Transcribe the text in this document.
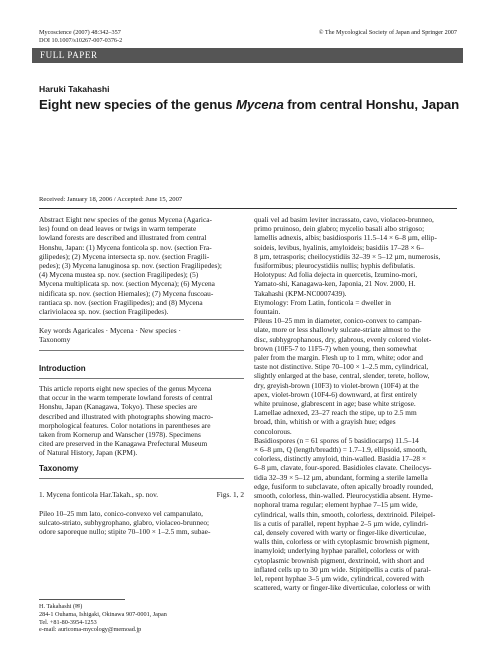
Mycoscience (2007) 48:342–357
DOI 10.1007/s10267-007-0376-2
© The Mycological Society of Japan and Springer 2007
FULL PAPER
Haruki Takahashi
Eight new species of the genus Mycena from central Honshu, Japan
Received: January 18, 2006 / Accepted: June 15, 2007
Abstract Eight new species of the genus Mycena (Agarica-
les) found on dead leaves or twigs in warm temperate
lowland forests are described and illustrated from central
Honshu, Japan: (1) Mycena fonticola sp. nov. (section Fra-
gilipedes); (2) Mycena intersecta sp. nov. (section Fragili-
pedes); (3) Mycena lanuginosa sp. nov. (section Fragilipedes);
(4) Mycena mustea sp. nov. (section Fragilipedes); (5)
Mycena multiplicata sp. nov. (section Mycena); (6) Mycena
nidificata sp. nov. (section Hiemales); (7) Mycena fuscoau-
rantiaca sp. nov. (section Fragilipedes); and (8) Mycena
clariviolacea sp. nov. (section Fragilipedes).
Key words Agaricales · Mycena · New species ·
Taxonomy
Introduction
This article reports eight new species of the genus Mycena
that occur in the warm temperate lowland forests of central
Honshu, Japan (Kanagawa, Tokyo). These species are
described and illustrated with photographs showing macro-
morphological features. Color notations in parentheses are
taken from Kornerup and Wanscher (1978). Specimens
cited are preserved in the Kanagawa Prefectural Museum
of Natural History, Japan (KPM).
Taxonomy
1. Mycena fonticola Har.Takah., sp. nov.	Figs. 1, 2
Pileo 10–25 mm lato, conico-convexo vel campanulato,
sulcato-striato, subhygrophano, glabro, violaceo-brunneo;
odore saporeque nullo; stipite 70–100 × 1–2.5 mm, subae-
H. Takahashi (✉)
284-1 Ouhama, Ishigaki, Okinawa 907-0001, Japan
Tel. +81-80-3954-1253
e-mail: auricoma-mycology@memoad.jp
quali vel ad basim leviter incrassato, cavo, violaceo-brunneo,
primo pruinoso, dein glabro; mycelio basali albo strigoso;
lamellis adnexis, albis; basidiosporis 11.5–14 × 6–8 µm, ellip-
soideis, levibus, hyalinis, amyloideis; basidiis 17–28 × 6–
8 µm, tetrasporis; cheilocystidiis 32–39 × 5–12 µm, numerosis,
fusiformibus; pleurocystidiis nullis; hyphis defibulatis.
Holotypus: Ad folia dejecta in quercetis, Izumino-mori,
Yamato-shi, Kanagawa-ken, Japonia, 21 Nov. 2000, H.
Takahashi (KPM-NC0007439).
Etymology: From Latin, fonticola = dweller in
fountain.
Pileus 10–25 mm in diameter, conico-convex to campan-
ulate, more or less shallowly sulcate-striate almost to the
disc, subhygrophanous, dry, glabrous, evenly colored violet-
brown (10F5-7 to 11F5-7) when young, then somewhat
paler from the margin. Flesh up to 1 mm, white; odor and
taste not distinctive. Stipe 70–100 × 1–2.5 mm, cylindrical,
slightly enlarged at the base, central, slender, terete, hollow,
dry, greyish-brown (10F3) to violet-brown (10F4) at the
apex, violet-brown (10F4-6) downward, at first entirely
white pruinose, glabrescent in age; base white strigose.
Lamellae adnexed, 23–27 reach the stipe, up to 2.5 mm
broad, thin, whitish or with a grayish hue; edges
concolorous.
Basidiospores (n = 61 spores of 5 basidiocarps) 11.5–14
× 6–8 µm, Q (length/breadth) = 1.7–1.9, ellipsoid, smooth,
colorless, distinctly amyloid, thin-walled. Basidia 17–28 ×
6–8 µm, clavate, four-spored. Basidioles clavate. Cheilocys-
tidia 32–39 × 5–12 µm, abundant, forming a sterile lamella
edge, fusiform to subclavate, often apically broadly rounded,
smooth, colorless, thin-walled. Pleurocystidia absent. Hyme-
nophoral trama regular; element hyphae 7–15 µm wide,
cylindrical, walls thin, smooth, colorless, dextrinoid. Pileipel-
lis a cutis of parallel, repent hyphae 2–5 µm wide, cylindri-
cal, densely covered with warty or finger-like diverticulae,
walls thin, colorless or with cytoplasmic brownish pigment,
inamyloid; underlying hyphae parallel, colorless or with
cytoplasmic brownish pigment, dextrinoid, with short and
inflated cells up to 30 µm wide. Stipitipellis a cutis of paral-
lel, repent hyphae 3–5 µm wide, cylindrical, covered with
scattered, warty or finger-like diverticulae, colorless or with
